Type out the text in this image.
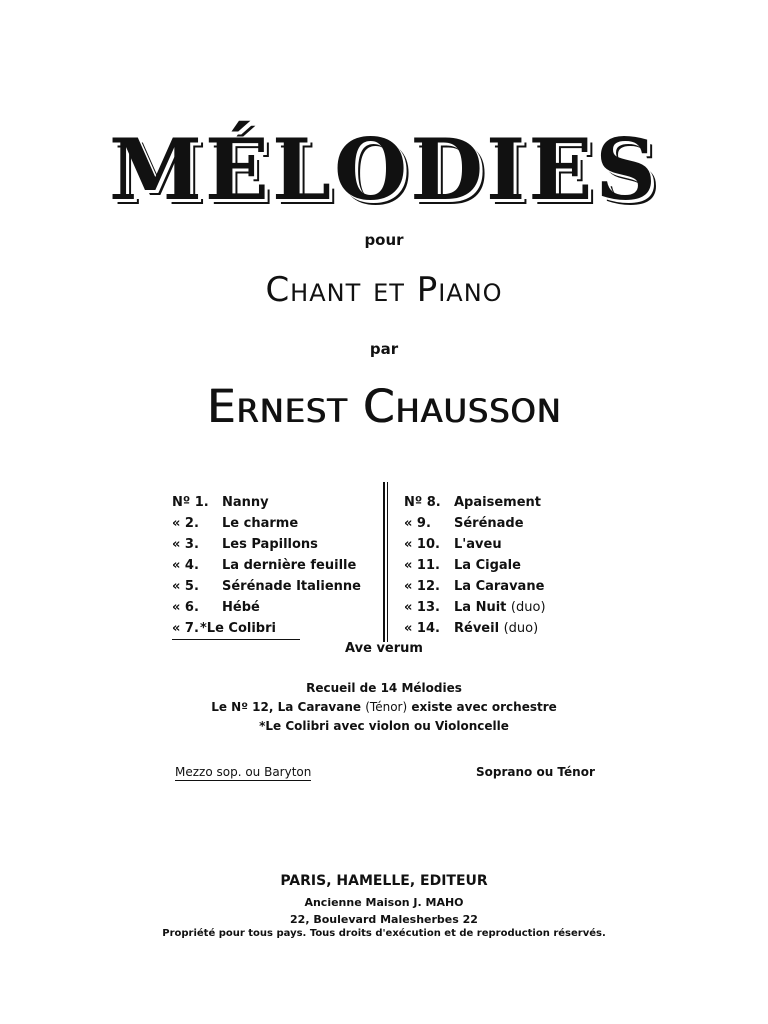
MÉLODIES
pour
Chant et Piano
par
Ernest Chausson
Nº 1. Nanny
« 2. Le charme
« 3. Les Papillons
« 4. La dernière feuille
« 5. Sérénade Italienne
« 6. Hébé
« 7.*Le Colibri
Nº 8. Apaisement
« 9. Sérénade
« 10. L'aveu
« 11. La Cigale
« 12. La Caravane
« 13. La Nuit (duo)
« 14. Réveil (duo)
Ave verum
Recueil de 14 Mélodies
Le Nº 12, La Caravane (Ténor) existe avec orchestre
*Le Colibri avec violon ou Violoncelle
Mezzo sop. ou Baryton	Soprano ou Ténor
PARIS, HAMELLE, EDITEUR
Ancienne Maison J. MAHO
22, Boulevard Malesherbes 22
Propriété pour tous pays. Tous droits d'exécution et de reproduction réservés.
